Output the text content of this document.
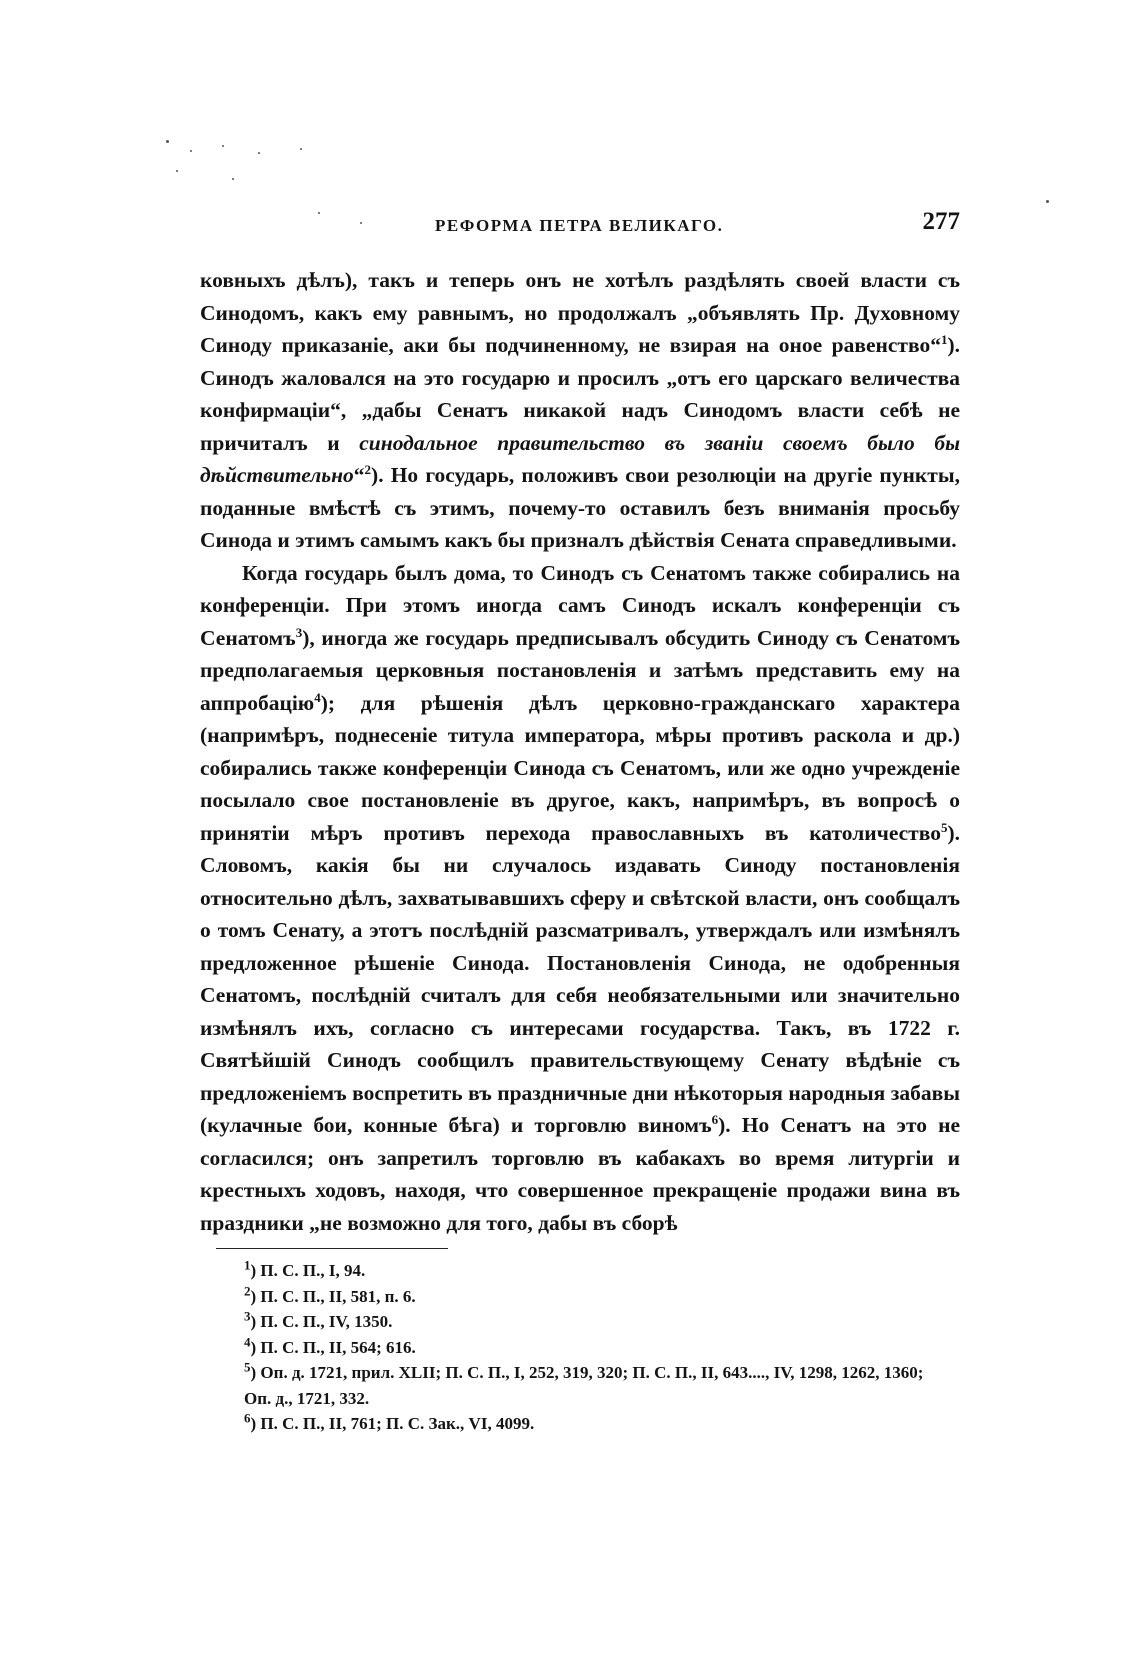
РЕФОРМА ПЕТРА ВЕЛИКАГО.	277

ковныхъ дѣлъ), такъ и теперь онъ не хотѣлъ раздѣлять своей власти съ Синодомъ, какъ ему равнымъ, но продолжалъ „объявлять Пр. Духовному Синоду приказаніе, аки бы подчиненному, не взирая на оное равенство“$^1$). Синодъ жаловался на это государю и просилъ „отъ его царскаго величества конфирмаціи“, „дабы Сенатъ никакой надъ Синодомъ власти себѣ не причиталъ и синодальное правительство въ званіи своемъ было бы дѣйствительно“$^2$). Но государь, положивъ свои резолюціи на другіе пункты, поданные вмѣстѣ съ этимъ, почему-то оставилъ безъ вниманія просьбу Синода и этимъ самымъ какъ бы призналъ дѣйствія Сената справедливыми.

Когда государь былъ дома, то Синодъ съ Сенатомъ также собирались на конференціи. При этомъ иногда самъ Синодъ искалъ конференціи съ Сенатомъ$^3$), иногда же государь предписывалъ обсудить Синоду съ Сенатомъ предполагаемыя церковныя постановленія и затѣмъ представить ему на аппробацію$^4$); для рѣшенія дѣлъ церковно-гражданскаго характера (напримѣръ, поднесеніе титула императора, мѣры противъ раскола и др.) собирались также конференціи Синода съ Сенатомъ, или же одно учрежденіе посылало свое постановленіе въ другое, какъ, напримѣръ, въ вопросѣ о принятіи мѣръ противъ перехода православныхъ въ католичество$^5$). Словомъ, какія бы ни случалось издавать Синоду постановленія относительно дѣлъ, захватывавшихъ сферу и свѣтской власти, онъ сообщалъ о томъ Сенату, а этотъ послѣдній разсматривалъ, утверждалъ или измѣнялъ предложенное рѣшеніе Синода. Постановленія Синода, не одобренныя Сенатомъ, послѣдній считалъ для себя необязательными или значительно измѣнялъ ихъ, согласно съ интересами государства. Такъ, въ 1722 г. Святѣйшій Синодъ сообщилъ правительствующему Сенату вѣдѣніе съ предложеніемъ воспретить въ праздничные дни нѣкоторыя народныя забавы (кулачные бои, конные бѣга) и торговлю виномъ$^6$). Но Сенатъ на это не согласился; онъ запретилъ торговлю въ кабакахъ во время литургіи и крестныхъ ходовъ, находя, что совершенное прекращеніе продажи вина въ праздники „не возможно для того, дабы въ сборѣ

$^1$) П. С. П., I, 94.
$^2$) П. С. П., II, 581, п. 6.
$^3$) П. С. П., IV, 1350.
$^4$) П. С. П., II, 564; 616.
$^5$) Оп. д. 1721, прил. XLII; П. С. П., I, 252, 319, 320; П. С. П., II, 643...., IV, 1298, 1262, 1360; Оп. д., 1721, 332.
$^6$) П. С. П., II, 761; П. С. Зак., VI, 4099.
